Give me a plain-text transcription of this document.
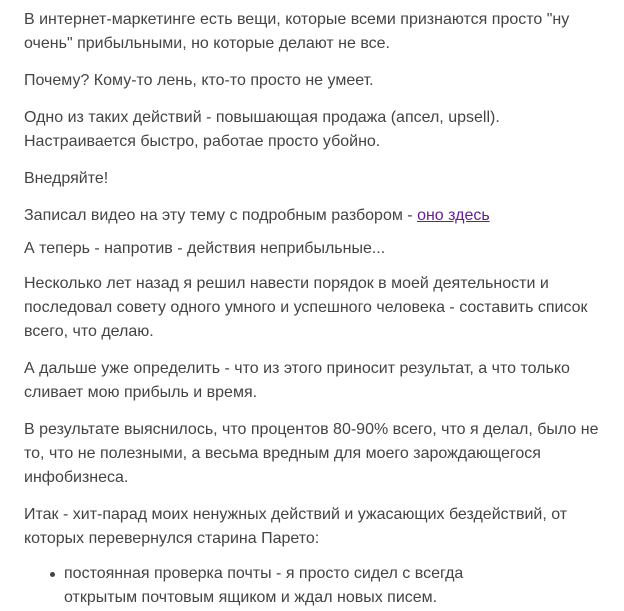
В интернет-маркетинге есть вещи, которые всеми признаются просто "ну
очень" прибыльными, но которые делают не все.

Почему? Кому-то лень, кто-то просто не умеет.

Одно из таких действий - повышающая продажа (апсел, upsell).
Настраивается быстро, работае просто убойно.

Внедряйте!

Записал видео на эту тему с подробным разбором - оно здесь

А теперь - напротив - действия неприбыльные...

Несколько лет назад я решил навести порядок в моей деятельности и
последовал совету одного умного и успешного человека - составить список
всего, что делаю.

А дальше уже определить - что из этого приносит результат, а что только
сливает мою прибыль и время.

В результате выяснилось, что процентов 80-90% всего, что я делал, было не
то, что не полезными, а весьма вредным для моего зарождающегося
инфобизнеса.

Итак - хит-парад моих ненужных действий и ужасающих бездействий, от
которых перевернулся старина Парето:

постоянная проверка почты - я просто сидел с всегда
открытым почтовым ящиком и ждал новых писем.
